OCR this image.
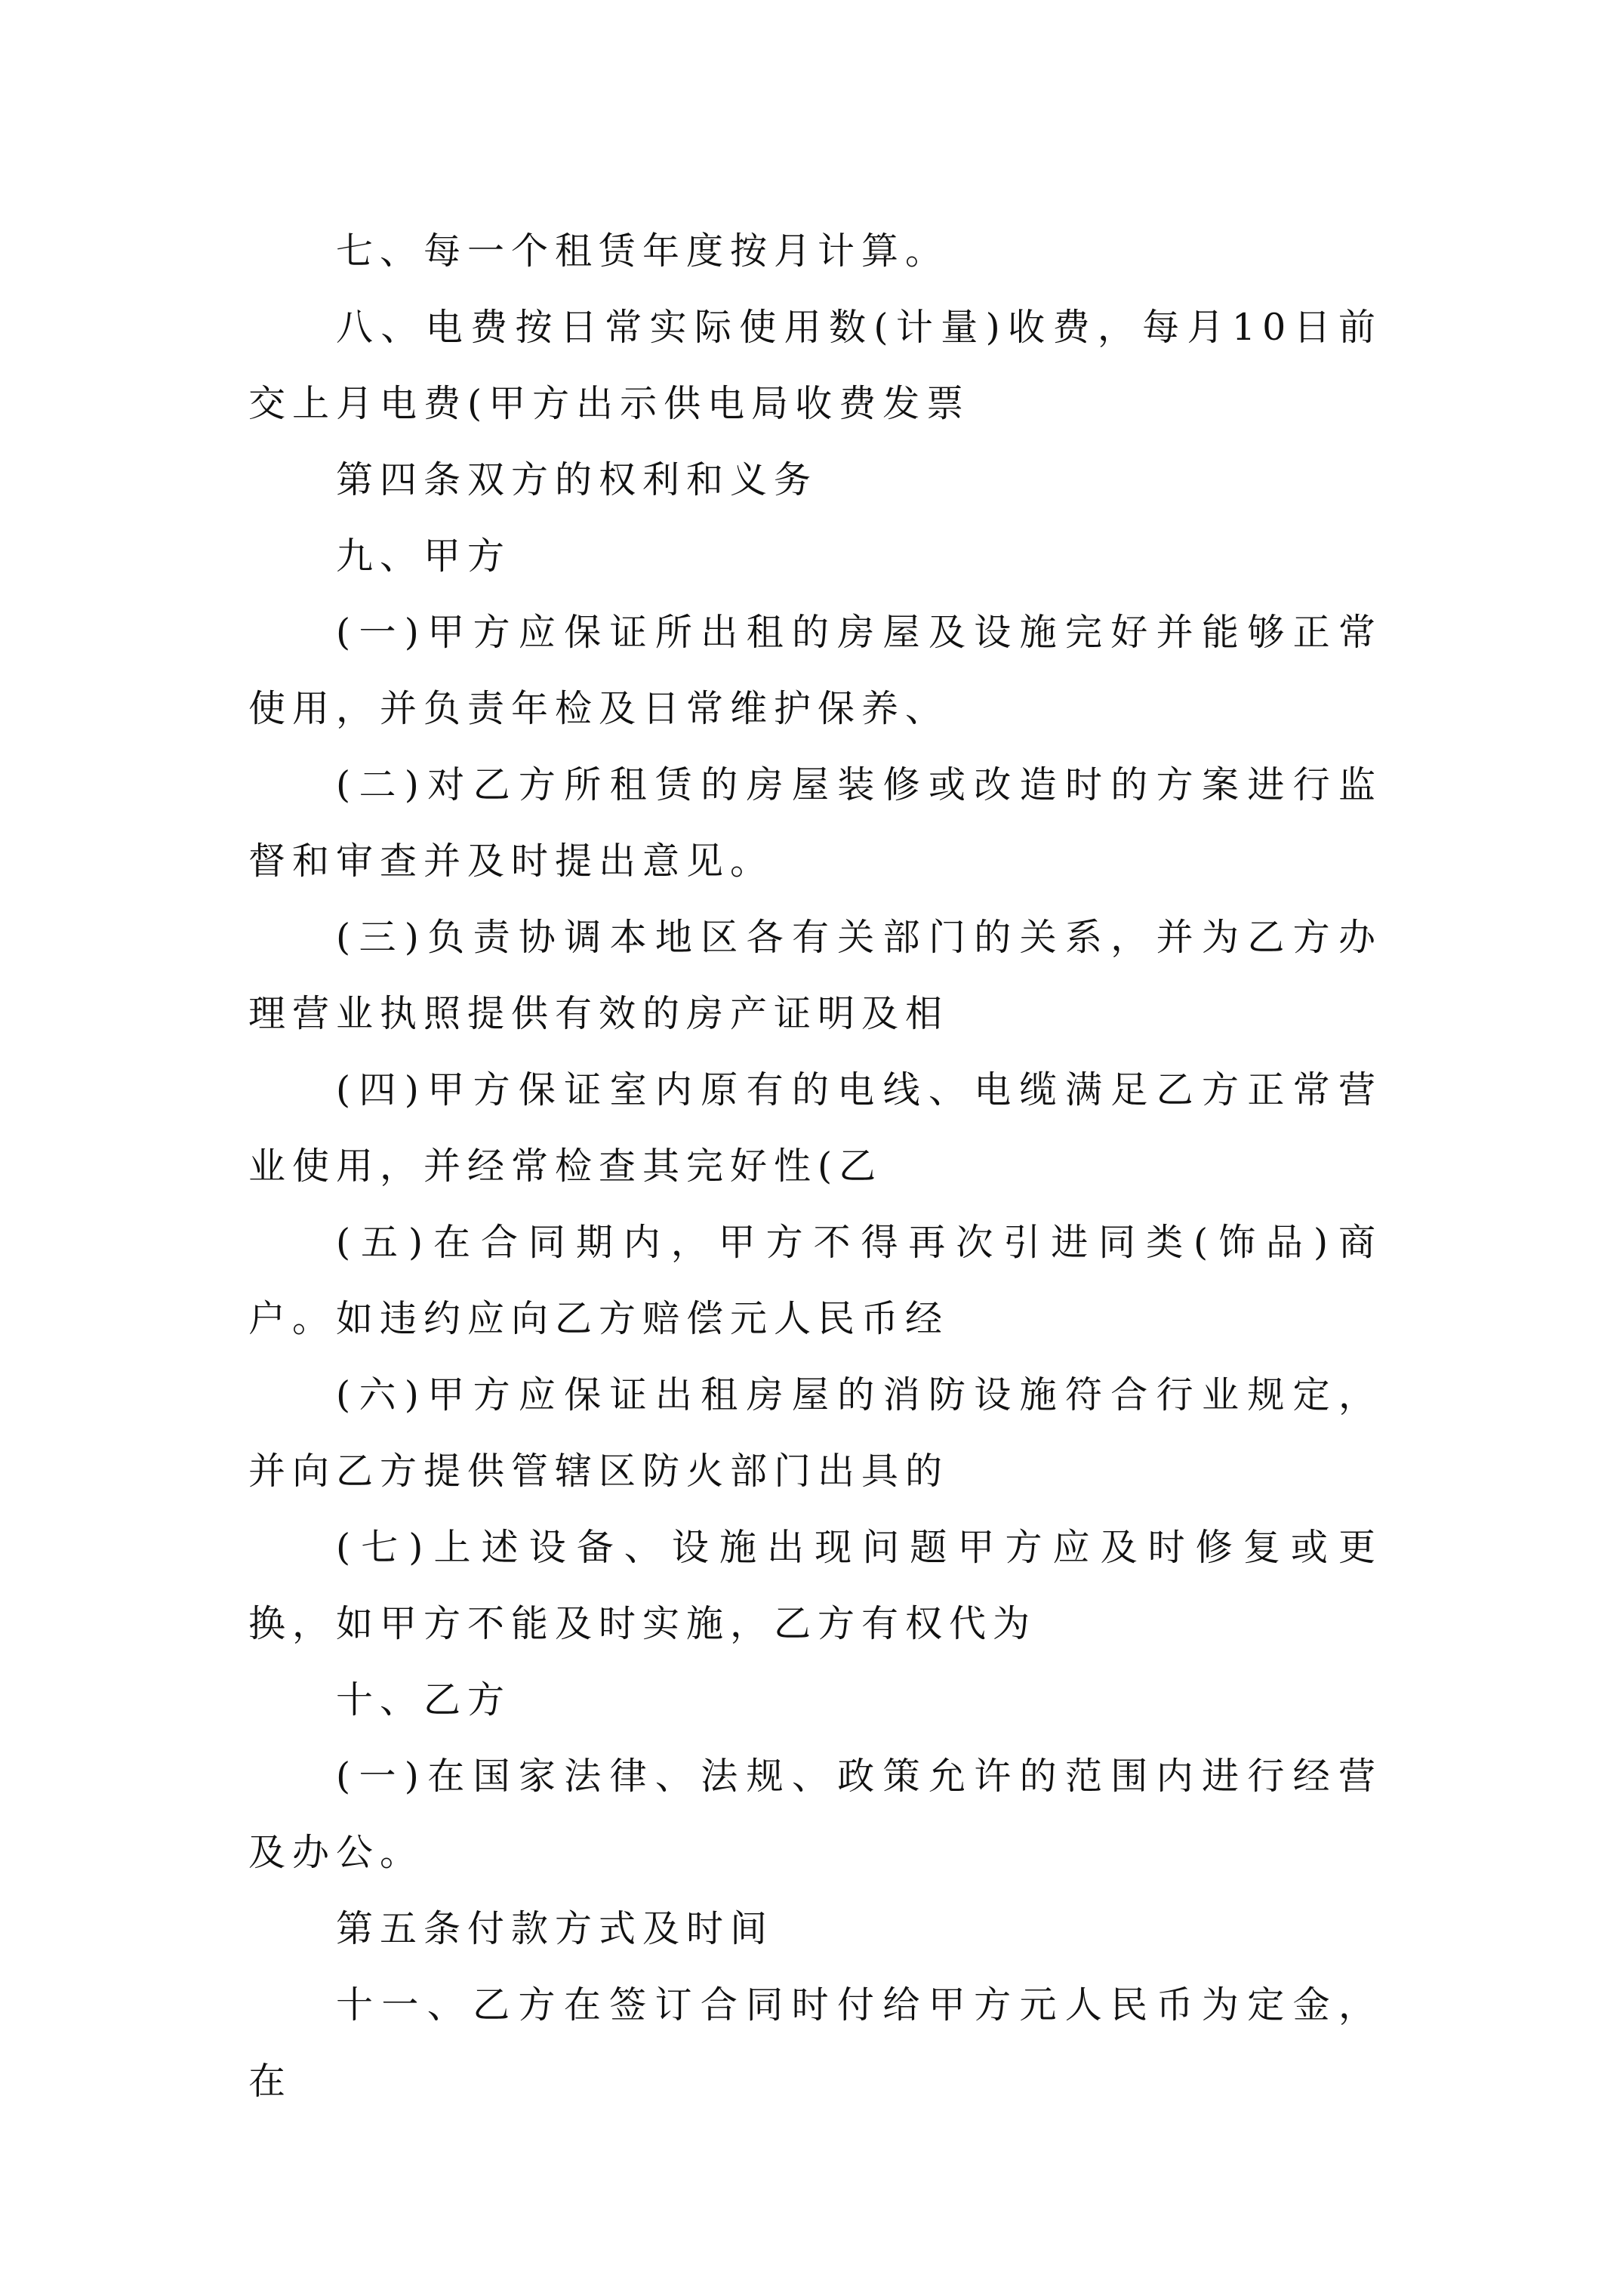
七、每一个租赁年度按月计算。

八、电费按日常实际使用数(计量)收费，每月10日前交上月电费(甲方出示供电局收费发票

第四条双方的权利和义务

九、甲方

(一)甲方应保证所出租的房屋及设施完好并能够正常使用，并负责年检及日常维护保养、

(二)对乙方所租赁的房屋装修或改造时的方案进行监督和审查并及时提出意见。

(三)负责协调本地区各有关部门的关系，并为乙方办理营业执照提供有效的房产证明及相

(四)甲方保证室内原有的电线、电缆满足乙方正常营业使用，并经常检查其完好性(乙

(五)在合同期内，甲方不得再次引进同类(饰品)商户。如违约应向乙方赔偿元人民币经

(六)甲方应保证出租房屋的消防设施符合行业规定，并向乙方提供管辖区防火部门出具的

(七)上述设备、设施出现问题甲方应及时修复或更换，如甲方不能及时实施，乙方有权代为

十、乙方

(一)在国家法律、法规、政策允许的范围内进行经营及办公。

第五条付款方式及时间

十一、乙方在签订合同时付给甲方元人民币为定金，在
